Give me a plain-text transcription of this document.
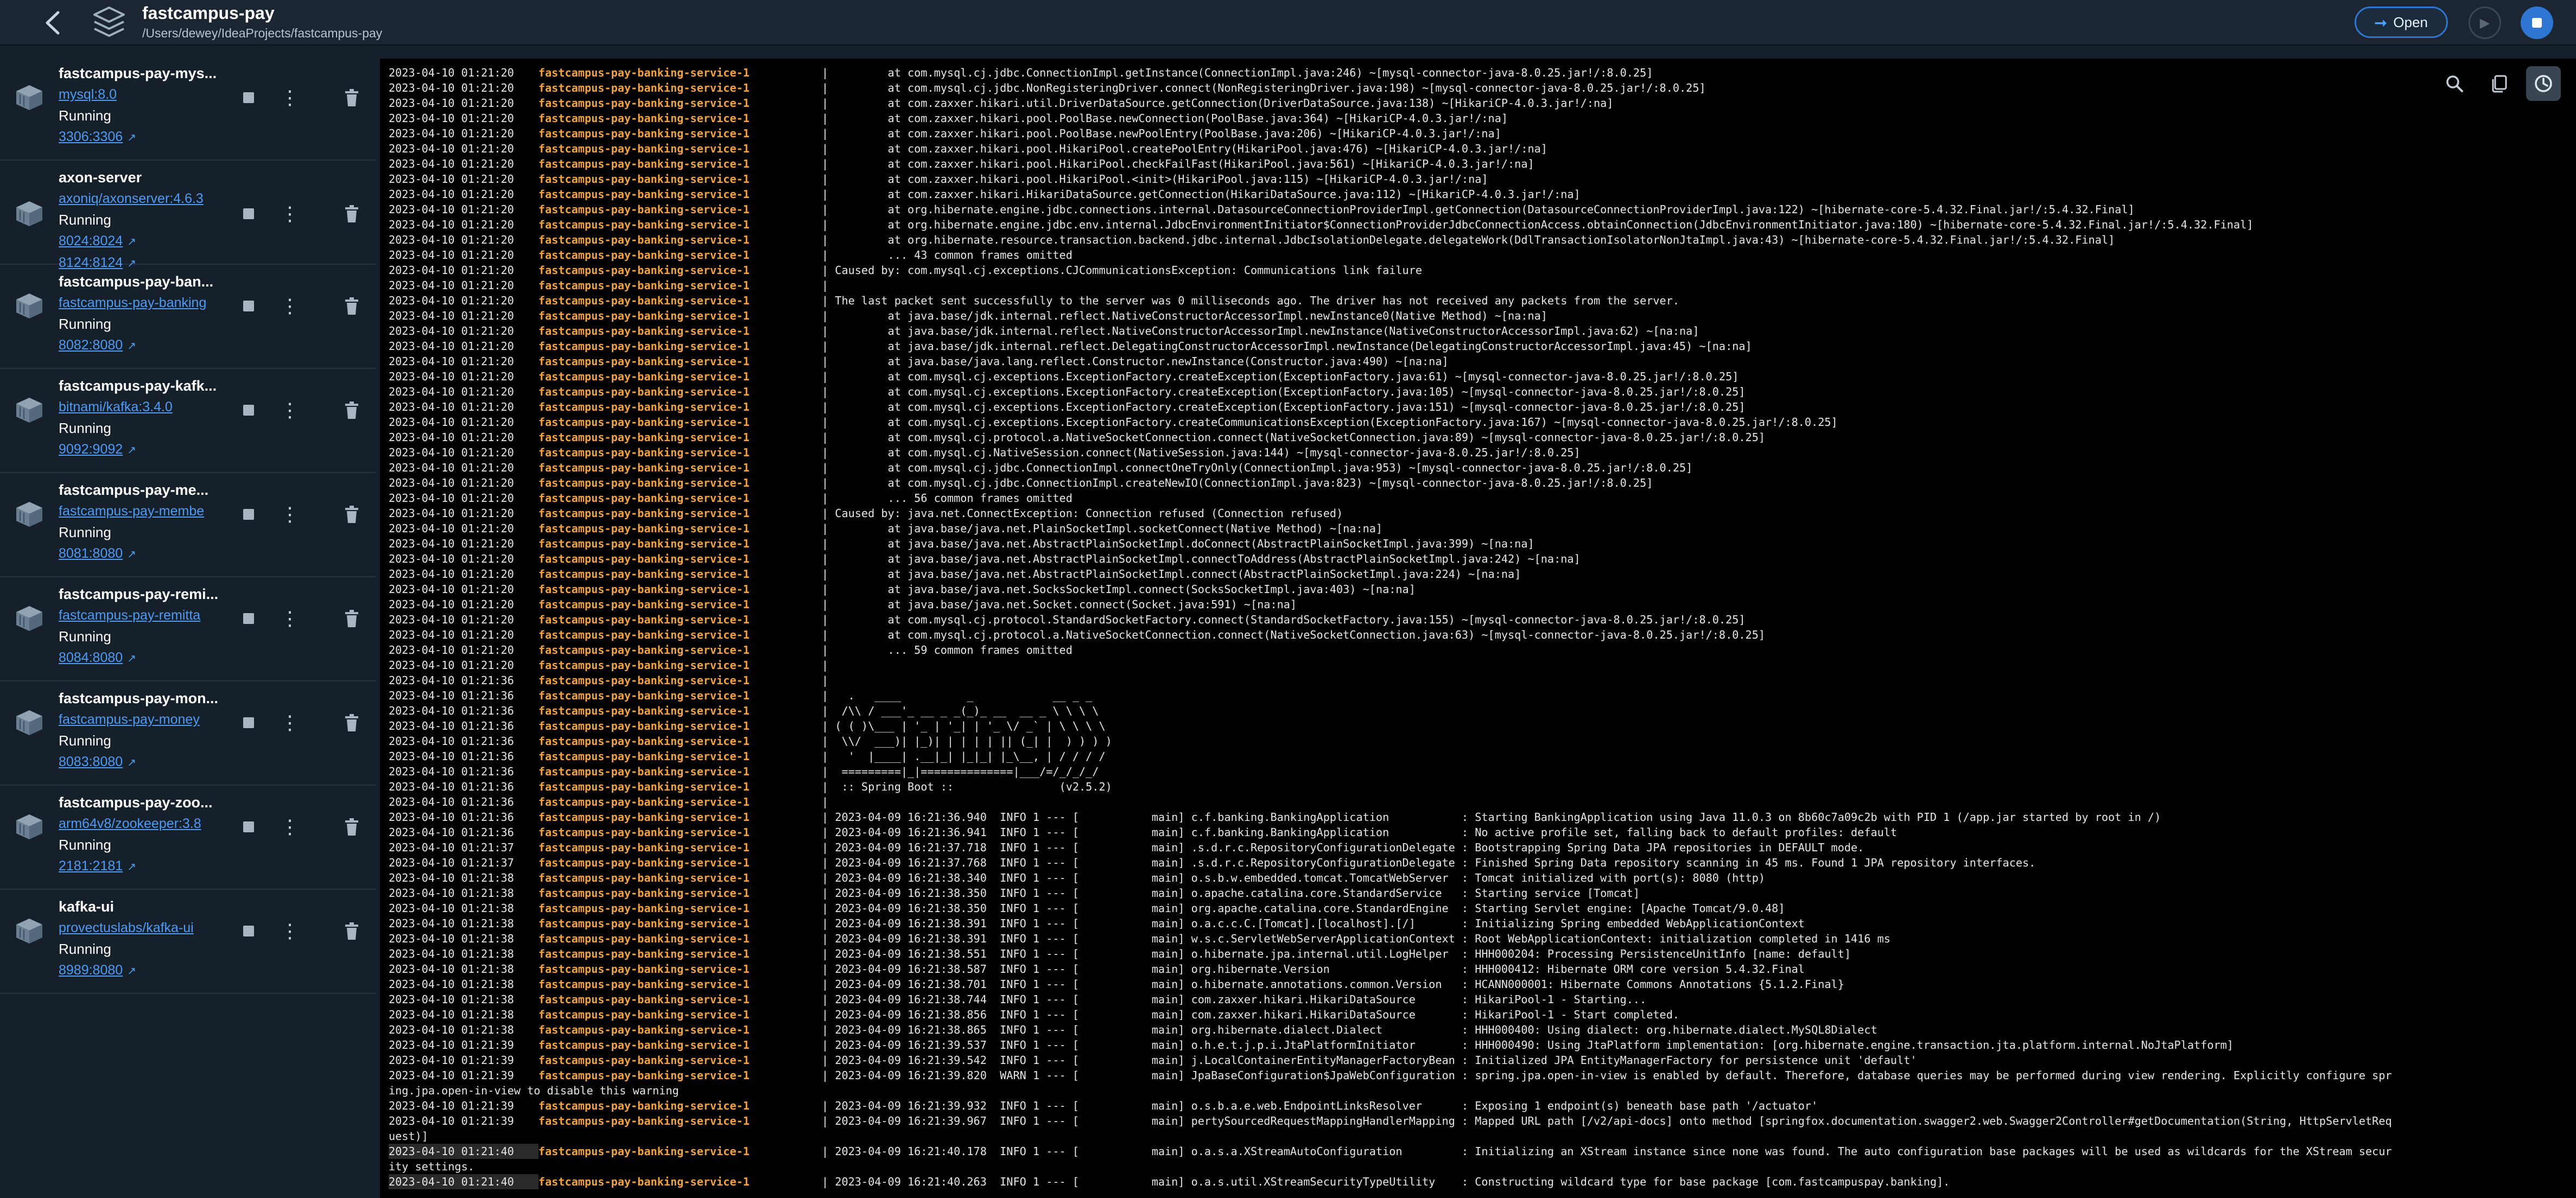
fastcampus-pay
/Users/dewey/IdeaProjects/fastcampus-pay
⭢ Open	▶
fastcampus-pay-mys...
mysql:8.0
Running
3306:3306 ↗
⋮
axon-server
axoniq/axonserver:4.6.3
Running
8024:8024 ↗
8124:8124 ↗
⋮
fastcampus-pay-ban...
fastcampus-pay-banking
Running
8082:8080 ↗
⋮
fastcampus-pay-kafk...
bitnami/kafka:3.4.0
Running
9092:9092 ↗
⋮
fastcampus-pay-me...
fastcampus-pay-membe
Running
8081:8080 ↗
⋮
fastcampus-pay-remi...
fastcampus-pay-remitta
Running
8084:8080 ↗
⋮
fastcampus-pay-mon...
fastcampus-pay-money
Running
8083:8080 ↗
⋮
fastcampus-pay-zoo...
arm64v8/zookeeper:3.8
Running
2181:2181 ↗
⋮
kafka-ui
provectuslabs/kafka-ui
Running
8989:8080 ↗
⋮
2023-04-10 01:21:20 fastcampus-pay-banking-service-1	|         at com.mysql.cj.jdbc.ConnectionImpl.getInstance(ConnectionImpl.java:246) ~[mysql-connector-java-8.0.25.jar!/:8.0.25]
2023-04-10 01:21:20 fastcampus-pay-banking-service-1	|         at com.mysql.cj.jdbc.NonRegisteringDriver.connect(NonRegisteringDriver.java:198) ~[mysql-connector-java-8.0.25.jar!/:8.0.25]
2023-04-10 01:21:20 fastcampus-pay-banking-service-1	|         at com.zaxxer.hikari.util.DriverDataSource.getConnection(DriverDataSource.java:138) ~[HikariCP-4.0.3.jar!/:na]
2023-04-10 01:21:20 fastcampus-pay-banking-service-1	|         at com.zaxxer.hikari.pool.PoolBase.newConnection(PoolBase.java:364) ~[HikariCP-4.0.3.jar!/:na]
2023-04-10 01:21:20 fastcampus-pay-banking-service-1	|         at com.zaxxer.hikari.pool.PoolBase.newPoolEntry(PoolBase.java:206) ~[HikariCP-4.0.3.jar!/:na]
2023-04-10 01:21:20 fastcampus-pay-banking-service-1	|         at com.zaxxer.hikari.pool.HikariPool.createPoolEntry(HikariPool.java:476) ~[HikariCP-4.0.3.jar!/:na]
2023-04-10 01:21:20 fastcampus-pay-banking-service-1	|         at com.zaxxer.hikari.pool.HikariPool.checkFailFast(HikariPool.java:561) ~[HikariCP-4.0.3.jar!/:na]
2023-04-10 01:21:20 fastcampus-pay-banking-service-1	|         at com.zaxxer.hikari.pool.HikariPool.<init>(HikariPool.java:115) ~[HikariCP-4.0.3.jar!/:na]
2023-04-10 01:21:20 fastcampus-pay-banking-service-1	|         at com.zaxxer.hikari.HikariDataSource.getConnection(HikariDataSource.java:112) ~[HikariCP-4.0.3.jar!/:na]
2023-04-10 01:21:20 fastcampus-pay-banking-service-1	|         at org.hibernate.engine.jdbc.connections.internal.DatasourceConnectionProviderImpl.getConnection(DatasourceConnectionProviderImpl.java:122) ~[hibernate-core-5.4.32.Final.jar!/:5.4.32.Final]
2023-04-10 01:21:20 fastcampus-pay-banking-service-1	|         at org.hibernate.engine.jdbc.env.internal.JdbcEnvironmentInitiator$ConnectionProviderJdbcConnectionAccess.obtainConnection(JdbcEnvironmentInitiator.java:180) ~[hibernate-core-5.4.32.Final.jar!/:5.4.32.Final]
2023-04-10 01:21:20 fastcampus-pay-banking-service-1	|         at org.hibernate.resource.transaction.backend.jdbc.internal.JdbcIsolationDelegate.delegateWork(DdlTransactionIsolatorNonJtaImpl.java:43) ~[hibernate-core-5.4.32.Final.jar!/:5.4.32.Final]
2023-04-10 01:21:20 fastcampus-pay-banking-service-1	|         ... 43 common frames omitted
2023-04-10 01:21:20 fastcampus-pay-banking-service-1	| Caused by: com.mysql.cj.exceptions.CJCommunicationsException: Communications link failure
2023-04-10 01:21:20 fastcampus-pay-banking-service-1	|
2023-04-10 01:21:20 fastcampus-pay-banking-service-1	| The last packet sent successfully to the server was 0 milliseconds ago. The driver has not received any packets from the server.
2023-04-10 01:21:20 fastcampus-pay-banking-service-1	|         at java.base/jdk.internal.reflect.NativeConstructorAccessorImpl.newInstance0(Native Method) ~[na:na]
2023-04-10 01:21:20 fastcampus-pay-banking-service-1	|         at java.base/jdk.internal.reflect.NativeConstructorAccessorImpl.newInstance(NativeConstructorAccessorImpl.java:62) ~[na:na]
2023-04-10 01:21:20 fastcampus-pay-banking-service-1	|         at java.base/jdk.internal.reflect.DelegatingConstructorAccessorImpl.newInstance(DelegatingConstructorAccessorImpl.java:45) ~[na:na]
2023-04-10 01:21:20 fastcampus-pay-banking-service-1	|         at java.base/java.lang.reflect.Constructor.newInstance(Constructor.java:490) ~[na:na]
2023-04-10 01:21:20 fastcampus-pay-banking-service-1	|         at com.mysql.cj.exceptions.ExceptionFactory.createException(ExceptionFactory.java:61) ~[mysql-connector-java-8.0.25.jar!/:8.0.25]
2023-04-10 01:21:20 fastcampus-pay-banking-service-1	|         at com.mysql.cj.exceptions.ExceptionFactory.createException(ExceptionFactory.java:105) ~[mysql-connector-java-8.0.25.jar!/:8.0.25]
2023-04-10 01:21:20 fastcampus-pay-banking-service-1	|         at com.mysql.cj.exceptions.ExceptionFactory.createException(ExceptionFactory.java:151) ~[mysql-connector-java-8.0.25.jar!/:8.0.25]
2023-04-10 01:21:20 fastcampus-pay-banking-service-1	|         at com.mysql.cj.exceptions.ExceptionFactory.createCommunicationsException(ExceptionFactory.java:167) ~[mysql-connector-java-8.0.25.jar!/:8.0.25]
2023-04-10 01:21:20 fastcampus-pay-banking-service-1	|         at com.mysql.cj.protocol.a.NativeSocketConnection.connect(NativeSocketConnection.java:89) ~[mysql-connector-java-8.0.25.jar!/:8.0.25]
2023-04-10 01:21:20 fastcampus-pay-banking-service-1	|         at com.mysql.cj.NativeSession.connect(NativeSession.java:144) ~[mysql-connector-java-8.0.25.jar!/:8.0.25]
2023-04-10 01:21:20 fastcampus-pay-banking-service-1	|         at com.mysql.cj.jdbc.ConnectionImpl.connectOneTryOnly(ConnectionImpl.java:953) ~[mysql-connector-java-8.0.25.jar!/:8.0.25]
2023-04-10 01:21:20 fastcampus-pay-banking-service-1	|         at com.mysql.cj.jdbc.ConnectionImpl.createNewIO(ConnectionImpl.java:823) ~[mysql-connector-java-8.0.25.jar!/:8.0.25]
2023-04-10 01:21:20 fastcampus-pay-banking-service-1	|         ... 56 common frames omitted
2023-04-10 01:21:20 fastcampus-pay-banking-service-1	| Caused by: java.net.ConnectException: Connection refused (Connection refused)
2023-04-10 01:21:20 fastcampus-pay-banking-service-1	|         at java.base/java.net.PlainSocketImpl.socketConnect(Native Method) ~[na:na]
2023-04-10 01:21:20 fastcampus-pay-banking-service-1	|         at java.base/java.net.AbstractPlainSocketImpl.doConnect(AbstractPlainSocketImpl.java:399) ~[na:na]
2023-04-10 01:21:20 fastcampus-pay-banking-service-1	|         at java.base/java.net.AbstractPlainSocketImpl.connectToAddress(AbstractPlainSocketImpl.java:242) ~[na:na]
2023-04-10 01:21:20 fastcampus-pay-banking-service-1	|         at java.base/java.net.AbstractPlainSocketImpl.connect(AbstractPlainSocketImpl.java:224) ~[na:na]
2023-04-10 01:21:20 fastcampus-pay-banking-service-1	|         at java.base/java.net.SocksSocketImpl.connect(SocksSocketImpl.java:403) ~[na:na]
2023-04-10 01:21:20 fastcampus-pay-banking-service-1	|         at java.base/java.net.Socket.connect(Socket.java:591) ~[na:na]
2023-04-10 01:21:20 fastcampus-pay-banking-service-1	|         at com.mysql.cj.protocol.StandardSocketFactory.connect(StandardSocketFactory.java:155) ~[mysql-connector-java-8.0.25.jar!/:8.0.25]
2023-04-10 01:21:20 fastcampus-pay-banking-service-1	|         at com.mysql.cj.protocol.a.NativeSocketConnection.connect(NativeSocketConnection.java:63) ~[mysql-connector-java-8.0.25.jar!/:8.0.25]
2023-04-10 01:21:20 fastcampus-pay-banking-service-1	|         ... 59 common frames omitted
2023-04-10 01:21:20 fastcampus-pay-banking-service-1	|
2023-04-10 01:21:36 fastcampus-pay-banking-service-1	|
2023-04-10 01:21:36 fastcampus-pay-banking-service-1	|   .   ____          _            __ _ _
2023-04-10 01:21:36 fastcampus-pay-banking-service-1	|  /\\ / ___'_ __ _ _(_)_ __  __ _ \ \ \ \
2023-04-10 01:21:36 fastcampus-pay-banking-service-1	| ( ( )\___ | '_ | '_| | '_ \/ _` | \ \ \ \
2023-04-10 01:21:36 fastcampus-pay-banking-service-1	|  \\/  ___)| |_)| | | | | || (_| |  ) ) ) )
2023-04-10 01:21:36 fastcampus-pay-banking-service-1	|   '  |____| .__|_| |_|_| |_\__, | / / / /
2023-04-10 01:21:36 fastcampus-pay-banking-service-1	|  =========|_|==============|___/=/_/_/_/
2023-04-10 01:21:36 fastcampus-pay-banking-service-1	|  :: Spring Boot ::                (v2.5.2)
2023-04-10 01:21:36 fastcampus-pay-banking-service-1	|
2023-04-10 01:21:36 fastcampus-pay-banking-service-1	| 2023-04-09 16:21:36.940  INFO 1 --- [           main] c.f.banking.BankingApplication           : Starting BankingApplication using Java 11.0.3 on 8b60c7a09c2b with PID 1 (/app.jar started by root in /)
2023-04-10 01:21:36 fastcampus-pay-banking-service-1	| 2023-04-09 16:21:36.941  INFO 1 --- [           main] c.f.banking.BankingApplication           : No active profile set, falling back to default profiles: default
2023-04-10 01:21:37 fastcampus-pay-banking-service-1	| 2023-04-09 16:21:37.718  INFO 1 --- [           main] .s.d.r.c.RepositoryConfigurationDelegate : Bootstrapping Spring Data JPA repositories in DEFAULT mode.
2023-04-10 01:21:37 fastcampus-pay-banking-service-1	| 2023-04-09 16:21:37.768  INFO 1 --- [           main] .s.d.r.c.RepositoryConfigurationDelegate : Finished Spring Data repository scanning in 45 ms. Found 1 JPA repository interfaces.
2023-04-10 01:21:38 fastcampus-pay-banking-service-1	| 2023-04-09 16:21:38.340  INFO 1 --- [           main] o.s.b.w.embedded.tomcat.TomcatWebServer  : Tomcat initialized with port(s): 8080 (http)
2023-04-10 01:21:38 fastcampus-pay-banking-service-1	| 2023-04-09 16:21:38.350  INFO 1 --- [           main] o.apache.catalina.core.StandardService   : Starting service [Tomcat]
2023-04-10 01:21:38 fastcampus-pay-banking-service-1	| 2023-04-09 16:21:38.350  INFO 1 --- [           main] org.apache.catalina.core.StandardEngine  : Starting Servlet engine: [Apache Tomcat/9.0.48]
2023-04-10 01:21:38 fastcampus-pay-banking-service-1	| 2023-04-09 16:21:38.391  INFO 1 --- [           main] o.a.c.c.C.[Tomcat].[localhost].[/]       : Initializing Spring embedded WebApplicationContext
2023-04-10 01:21:38 fastcampus-pay-banking-service-1	| 2023-04-09 16:21:38.391  INFO 1 --- [           main] w.s.c.ServletWebServerApplicationContext : Root WebApplicationContext: initialization completed in 1416 ms
2023-04-10 01:21:38 fastcampus-pay-banking-service-1	| 2023-04-09 16:21:38.551  INFO 1 --- [           main] o.hibernate.jpa.internal.util.LogHelper  : HHH000204: Processing PersistenceUnitInfo [name: default]
2023-04-10 01:21:38 fastcampus-pay-banking-service-1	| 2023-04-09 16:21:38.587  INFO 1 --- [           main] org.hibernate.Version                    : HHH000412: Hibernate ORM core version 5.4.32.Final
2023-04-10 01:21:38 fastcampus-pay-banking-service-1	| 2023-04-09 16:21:38.701  INFO 1 --- [           main] o.hibernate.annotations.common.Version   : HCANN000001: Hibernate Commons Annotations {5.1.2.Final}
2023-04-10 01:21:38 fastcampus-pay-banking-service-1	| 2023-04-09 16:21:38.744  INFO 1 --- [           main] com.zaxxer.hikari.HikariDataSource       : HikariPool-1 - Starting...
2023-04-10 01:21:38 fastcampus-pay-banking-service-1	| 2023-04-09 16:21:38.856  INFO 1 --- [           main] com.zaxxer.hikari.HikariDataSource       : HikariPool-1 - Start completed.
2023-04-10 01:21:38 fastcampus-pay-banking-service-1	| 2023-04-09 16:21:38.865  INFO 1 --- [           main] org.hibernate.dialect.Dialect            : HHH000400: Using dialect: org.hibernate.dialect.MySQL8Dialect
2023-04-10 01:21:39 fastcampus-pay-banking-service-1	| 2023-04-09 16:21:39.537  INFO 1 --- [           main] o.h.e.t.j.p.i.JtaPlatformInitiator       : HHH000490: Using JtaPlatform implementation: [org.hibernate.engine.transaction.jta.platform.internal.NoJtaPlatform]
2023-04-10 01:21:39 fastcampus-pay-banking-service-1	| 2023-04-09 16:21:39.542  INFO 1 --- [           main] j.LocalContainerEntityManagerFactoryBean : Initialized JPA EntityManagerFactory for persistence unit 'default'
2023-04-10 01:21:39 fastcampus-pay-banking-service-1	| 2023-04-09 16:21:39.820  WARN 1 --- [           main] JpaBaseConfiguration$JpaWebConfiguration : spring.jpa.open-in-view is enabled by default. Therefore, database queries may be performed during view rendering. Explicitly configure spr
ing.jpa.open-in-view to disable this warning
2023-04-10 01:21:39 fastcampus-pay-banking-service-1	| 2023-04-09 16:21:39.932  INFO 1 --- [           main] o.s.b.a.e.web.EndpointLinksResolver      : Exposing 1 endpoint(s) beneath base path '/actuator'
2023-04-10 01:21:39 fastcampus-pay-banking-service-1	| 2023-04-09 16:21:39.967  INFO 1 --- [           main] pertySourcedRequestMappingHandlerMapping : Mapped URL path [/v2/api-docs] onto method [springfox.documentation.swagger2.web.Swagger2Controller#getDocumentation(String, HttpServletReq
uest)]
2023-04-10 01:21:40 fastcampus-pay-banking-service-1	| 2023-04-09 16:21:40.178  INFO 1 --- [           main] o.a.s.a.XStreamAutoConfiguration         : Initializing an XStream instance since none was found. The auto configuration base packages will be used as wildcards for the XStream secur
ity settings.
2023-04-10 01:21:40 fastcampus-pay-banking-service-1	| 2023-04-09 16:21:40.263  INFO 1 --- [           main] o.a.s.util.XStreamSecurityTypeUtility    : Constructing wildcard type for base package [com.fastcampuspay.banking].
